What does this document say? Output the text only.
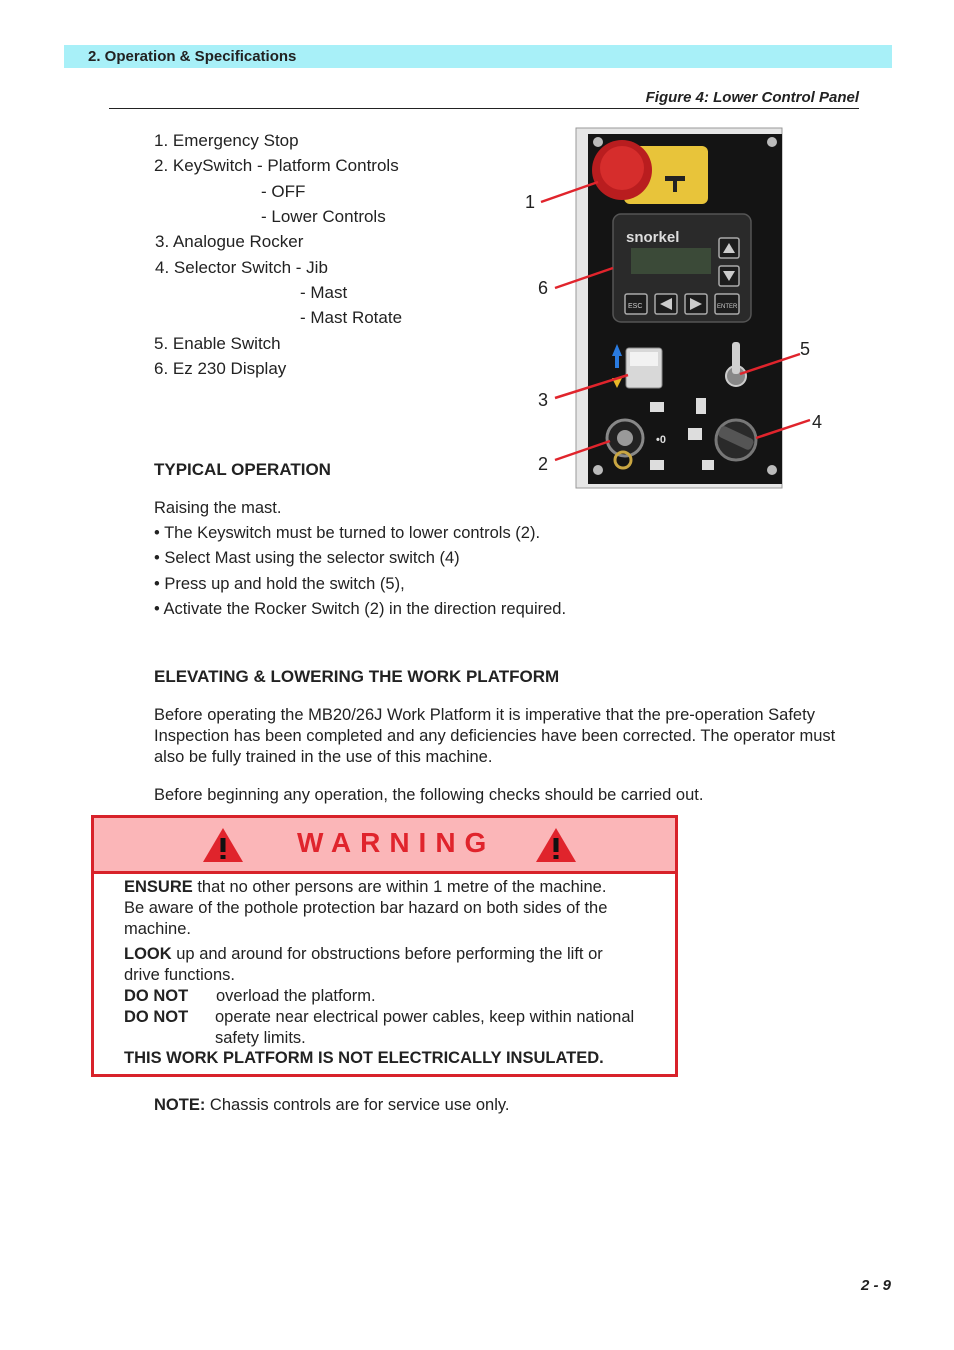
2. Operation & Specifications
Figure 4: Lower Control Panel
1. Emergency Stop
2. KeySwitch - Platform Controls
- OFF
- Lower Controls
3. Analogue Rocker
4. Selector Switch - Jib
- Mast
- Mast Rotate
5. Enable Switch
6. Ez 230 Display
snorkel
ESC	ENTER
•0
1
6
5
3
4
2
TYPICAL OPERATION
Raising the mast.
• The Keyswitch must be turned to lower controls (2).
• Select Mast using the selector switch (4)
• Press up and hold the switch (5),
• Activate the Rocker Switch (2) in the direction required.
ELEVATING & LOWERING THE WORK PLATFORM
Before operating the MB20/26J Work Platform it is imperative that the pre-operation Safety
Inspection has been completed and any deficiencies have been corrected. The operator must
also be fully trained in the use of this machine.
Before beginning any operation, the following checks should be carried out.
WARNING
ENSURE that no other persons are within 1 metre of the machine.
Be aware of the pothole protection bar hazard on both sides of the
machine.
LOOK up and around for obstructions before performing the lift or
drive functions.
DO NOT overload the platform.
DO NOT operate near electrical power cables, keep within national
safety limits.
THIS WORK PLATFORM IS NOT ELECTRICALLY INSULATED.
NOTE: Chassis controls are for service use only.
2 - 9
